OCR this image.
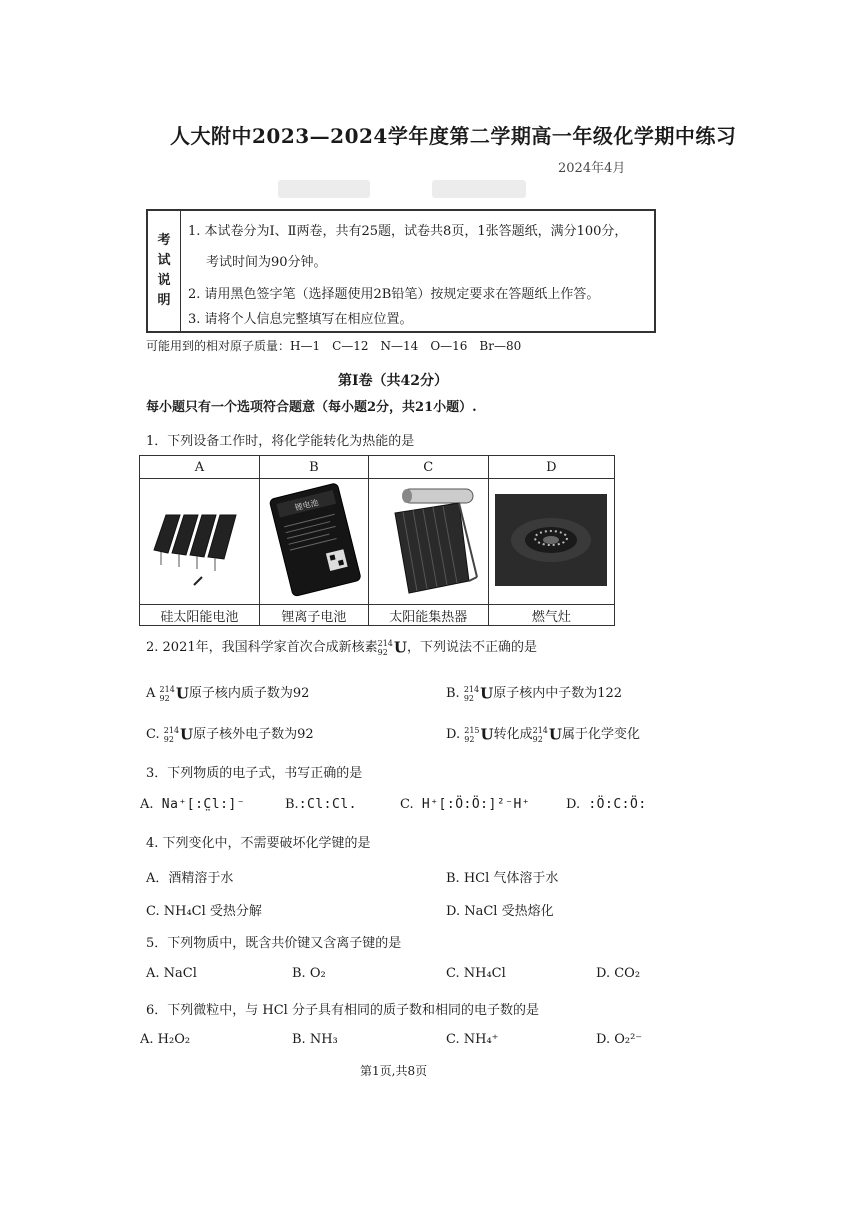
人大附中2023—2024学年度第二学期高一年级化学期中练习
2024年4月
考
试
说
明
1. 本试卷分为Ⅰ、Ⅱ两卷，共有25题，试卷共8页，1张答题纸，满分100分，
考试时间为90分钟。
2. 请用黑色签字笔（选择题使用2B铅笔）按规定要求在答题纸上作答。
3. 请将个人信息完整填写在相应位置。
可能用到的相对原子质量：H—1　C—12　N—14　O—16　Br—80
第Ⅰ卷（共42分）
每小题只有一个选项符合题意（每小题2分，共21小题）.
1．下列设备工作时，将化学能转化为热能的是
A	B	C	D

锂电池

硅太阳能电池	锂离子电池	太阳能集热器	燃气灶
2. 2021年，我国科学家首次合成新核素 214
92 U，下列说法不正确的是
A 214
92 U原子核内质子数为92	B. 214
92 U原子核内中子数为122
C. 214
92 U原子核外电子数为92	D. 215
92 U转化成 214
92 U属于化学变化
3．下列物质的电子式，书写正确的是
A. Na⁺[:C̤l:]⁻	B.:Cl:Cl.	C. H⁺[:Ö:Ö:]²⁻H⁺	D. :Ö:C:Ö:
4. 下列变化中，不需要破坏化学键的是
A．酒精溶于水	B. HCl 气体溶于水
C. NH₄Cl 受热分解	D. NaCl 受热熔化
5．下列物质中，既含共价键又含离子键的是
A. NaCl	B. O₂	C. NH₄Cl	D. CO₂
6．下列微粒中，与 HCl 分子具有相同的质子数和相同的电子数的是
A. H₂O₂	B. NH₃	C. NH₄⁺	D. O₂²⁻
第1页,共8页
